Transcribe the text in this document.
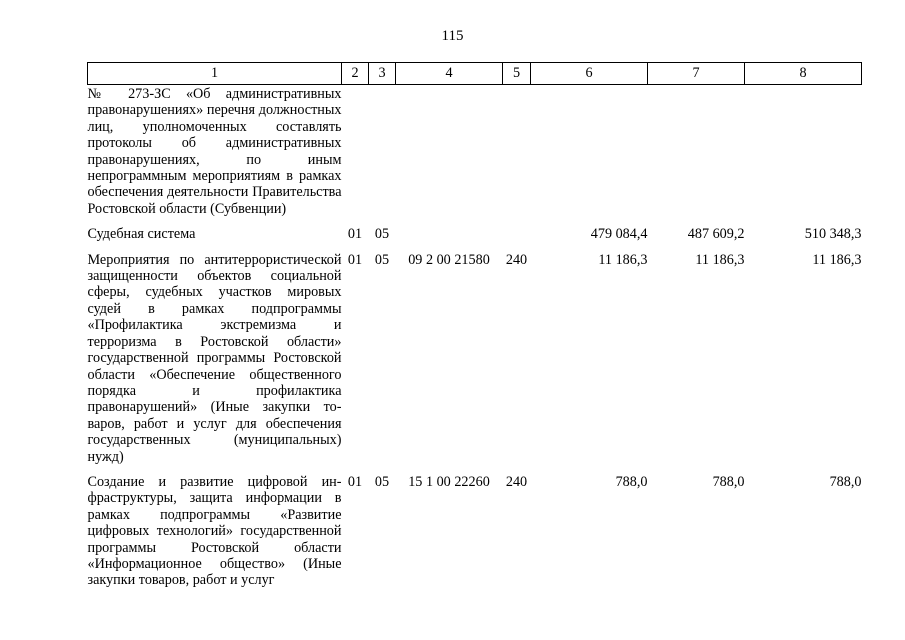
115
1	2	3	4	5	6	7	8
№ 273-ЗС «Об административных правонарушениях» перечня должностных лиц, уполномоченных составлять протоколы об административных правонарушениях, по иным непрограммным мероприятиям в рамках обеспечения деятельности Правительства Ростовской области (Субвенции)							
Судебная система	01	05			479 084,4	487 609,2	510 348,3
Мероприятия по антитеррористической защищенности объектов социальной сферы, судебных участков мировых судей в рамках подпрограммы «Профилактика экстремизма и терроризма в Ростовской области» государственной программы Ростовской области «Обеспечение общественного порядка и профилактика правонарушений» (Иные закупки товаров, работ и услуг для обеспечения государственных (муниципальных) нужд)	01	05	09 2 00 21580	240	11 186,3	11 186,3	11 186,3
Создание и развитие цифровой инфраструктуры, защита информации в рамках подпрограммы «Развитие цифровых технологий» государственной программы Ростовской области «Информационное общество» (Иные закупки товаров, работ и услуг	01	05	15 1 00 22260	240	788,0	788,0	788,0
